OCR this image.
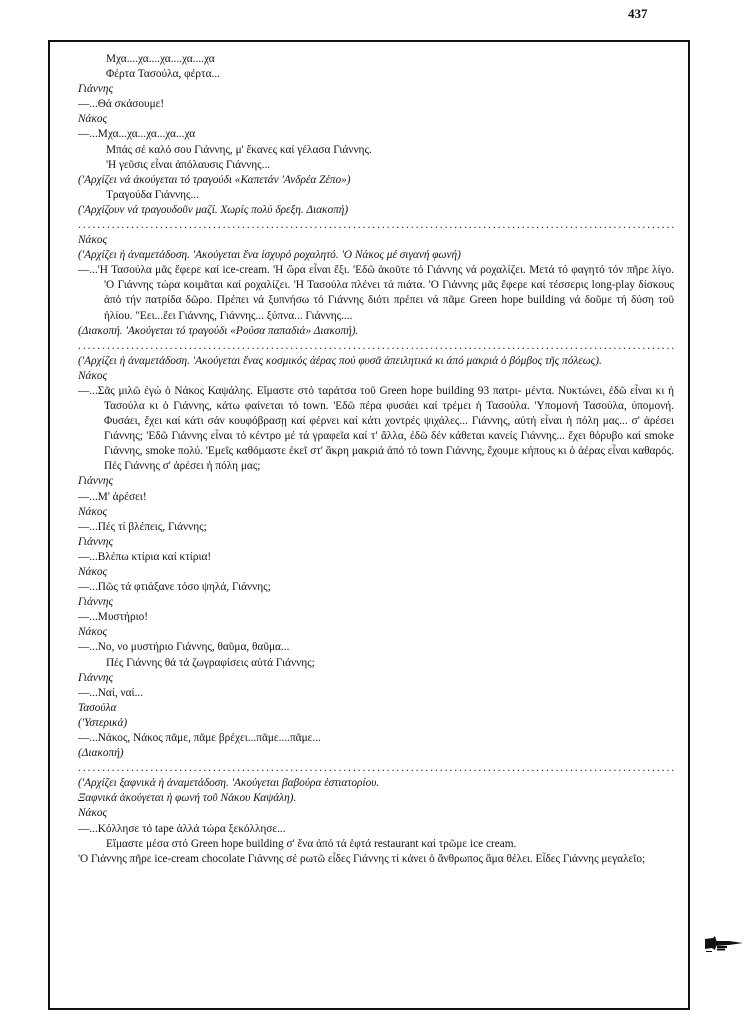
437
Μχα....χα....χα....χα....χα
Φέρτα Τασούλα, φέρτα...
Γιάννης
—...Θά σκάσουμε!
Νάκος
—...Μχα...χα...χα...χα...χα
Μπάς σέ καλό σου Γιάννης, μ' ἔκανες καί γέλασα Γιάννης.
'Η γεῦσις εἶναι ἀπόλαυσις Γιάννης...
('Αρχίζει νά ἀκούγεται τό τραγούδι «Καπετάν 'Ανδρέα Ζέπο»)
Τραγούδα Γιάννης...
('Αρχίζουν νά τραγουδοῦν μαζί. Χωρίς πολύ δρεξη. Διακοπή)
.....
Νάκος
('Αρχίζει ἡ ἀναμετάδοση. 'Ακούγεται ἕνα ἰσχυρό ροχαλητό. 'Ο Νάκος μέ σιγανή φωνή)
—...'Η Τασούλα μᾶς ἔφερε καί ice-cream. 'Η ὥρα εἶναι ἔξι. 'Εδῶ ἀκοῦτε τό Γιάννης νά ροχαλίζει. Μετά τό φαγητό τόν πῆρε λίγο. 'Ο Γιάννης τώρα κοιμᾶται καί ροχαλίζει. 'Η Τασούλα πλένει τά πιάτα. 'Ο Γιάννης μᾶς ἔφερε καί τέσσερις long-play δίσκους ἀπό τήν πατρίδα δῶρο. Πρέπει νά ξυπνήσω τό Γιάννης διότι πρέπει νά πᾶμε Green hope building νά δοῦμε τή δύση τοῦ ἡλίου. "Εει...ἔει Γιάννης, Γιάννης... ξύπνα... Γιάννης....
(Διακοπή. 'Ακούγεται τό τραγούδι «Ρούσα παπαδιά» Διακοπή).
.....
('Αρχίζει ἡ ἀναμετάδοση. 'Ακούγεται ἕνας κοσμικός ἀέρας πού φυσᾶ ἀπειλητικά κι ἀπό μακριά ὁ βόμβος τῆς πόλεως).
Νάκος
—...Σᾶς μιλῶ ἐγώ ὁ Νάκος Καψάλης. Εἴμαστε στό ταράτσα τοῦ Green hope building 93 πατρι- μέντα. Νυκτώνει, ἐδῶ εἶναι κι ἡ Τασούλα κι ὁ Γιάννης, κάτω φαίνεται τό town. 'Εδῶ πέρα φυσάει καί τρέμει ἡ Τασούλα. 'Υπομονή Τασούλα, ὑπομονή. Φυσάει, ἔχει καί κάτι σάν κουφόβρασῃ καί φέρνει καί κάτι χοντρές ψιχάλες... Γιάννης, αὐτή εἶναι ἡ πόλη μας... σ' ἀρέσει Γιάννης; 'Εδῶ Γιάννης εἶναι τό κέντρο μέ τά γραφεῖα καί τ' ἄλλα, ἐδῶ δέν κάθεται κανείς Γιάννης... ἔχει θόρυβο καί smoke Γιάννης, smoke πολύ. 'Εμεῖς καθόμαστε ἐκεῖ στ' ἄκρη μακριά ἀπό τό town Γιάννης, ἔχουμε κήπους κι ὁ ἀέρας εἶναι καθαρός. Πές Γιάννης σ' ἀρέσει ἡ πόλη μας;
Γιάννης
—...Μ' ἀρέσει!
Νάκος
—...Πές τί βλέπεις, Γιάννης;
Γιάννης
—...Βλέπω κτίρια καί κτίρια!
Νάκος
—...Πῶς τά φτιάξανε τόσο ψηλά, Γιάννης;
Γιάννης
—...Μυστήριο!
Νάκος
—...Νο, νο μυστήριο Γιάννης, θαῦμα, θαῦμα...
Πές Γιάννης θά τά ζωγραφίσεις αὐτά Γιάννης;
Γιάννης
—...Ναί, ναί...
Τασούλα
('Υστερικά)
—...Νάκος, Νάκος πᾶμε, πᾶμε βρέχει...πᾶμε....πᾶμε...
(Διακοπή)
.....
('Αρχίζει ξαφνικά ἡ ἀναμετάδοση. 'Ακούγεται βαβούρα ἑστιατορίου.
Ξαφνικά ἀκούγεται ἡ φωνή τοῦ Νάκου Καψάλη).
Νάκος
—...Κόλλησε τό tape ἀλλά τώρα ξεκόλλησε...
Εἴμαστε μέσα στό Green hope building σ' ἕνα ἀπό τά ἑφτά restaurant καί τρῶμε ice cream.
'Ο Γιάννης πῆρε ice-cream chocolate Γιάννης σέ ρωτῶ εἶδες Γιάννης τί κάνει ὁ ἄνθρωπος ἅμα θέλει. Εἶδες Γιάννης μεγαλεῖο;
